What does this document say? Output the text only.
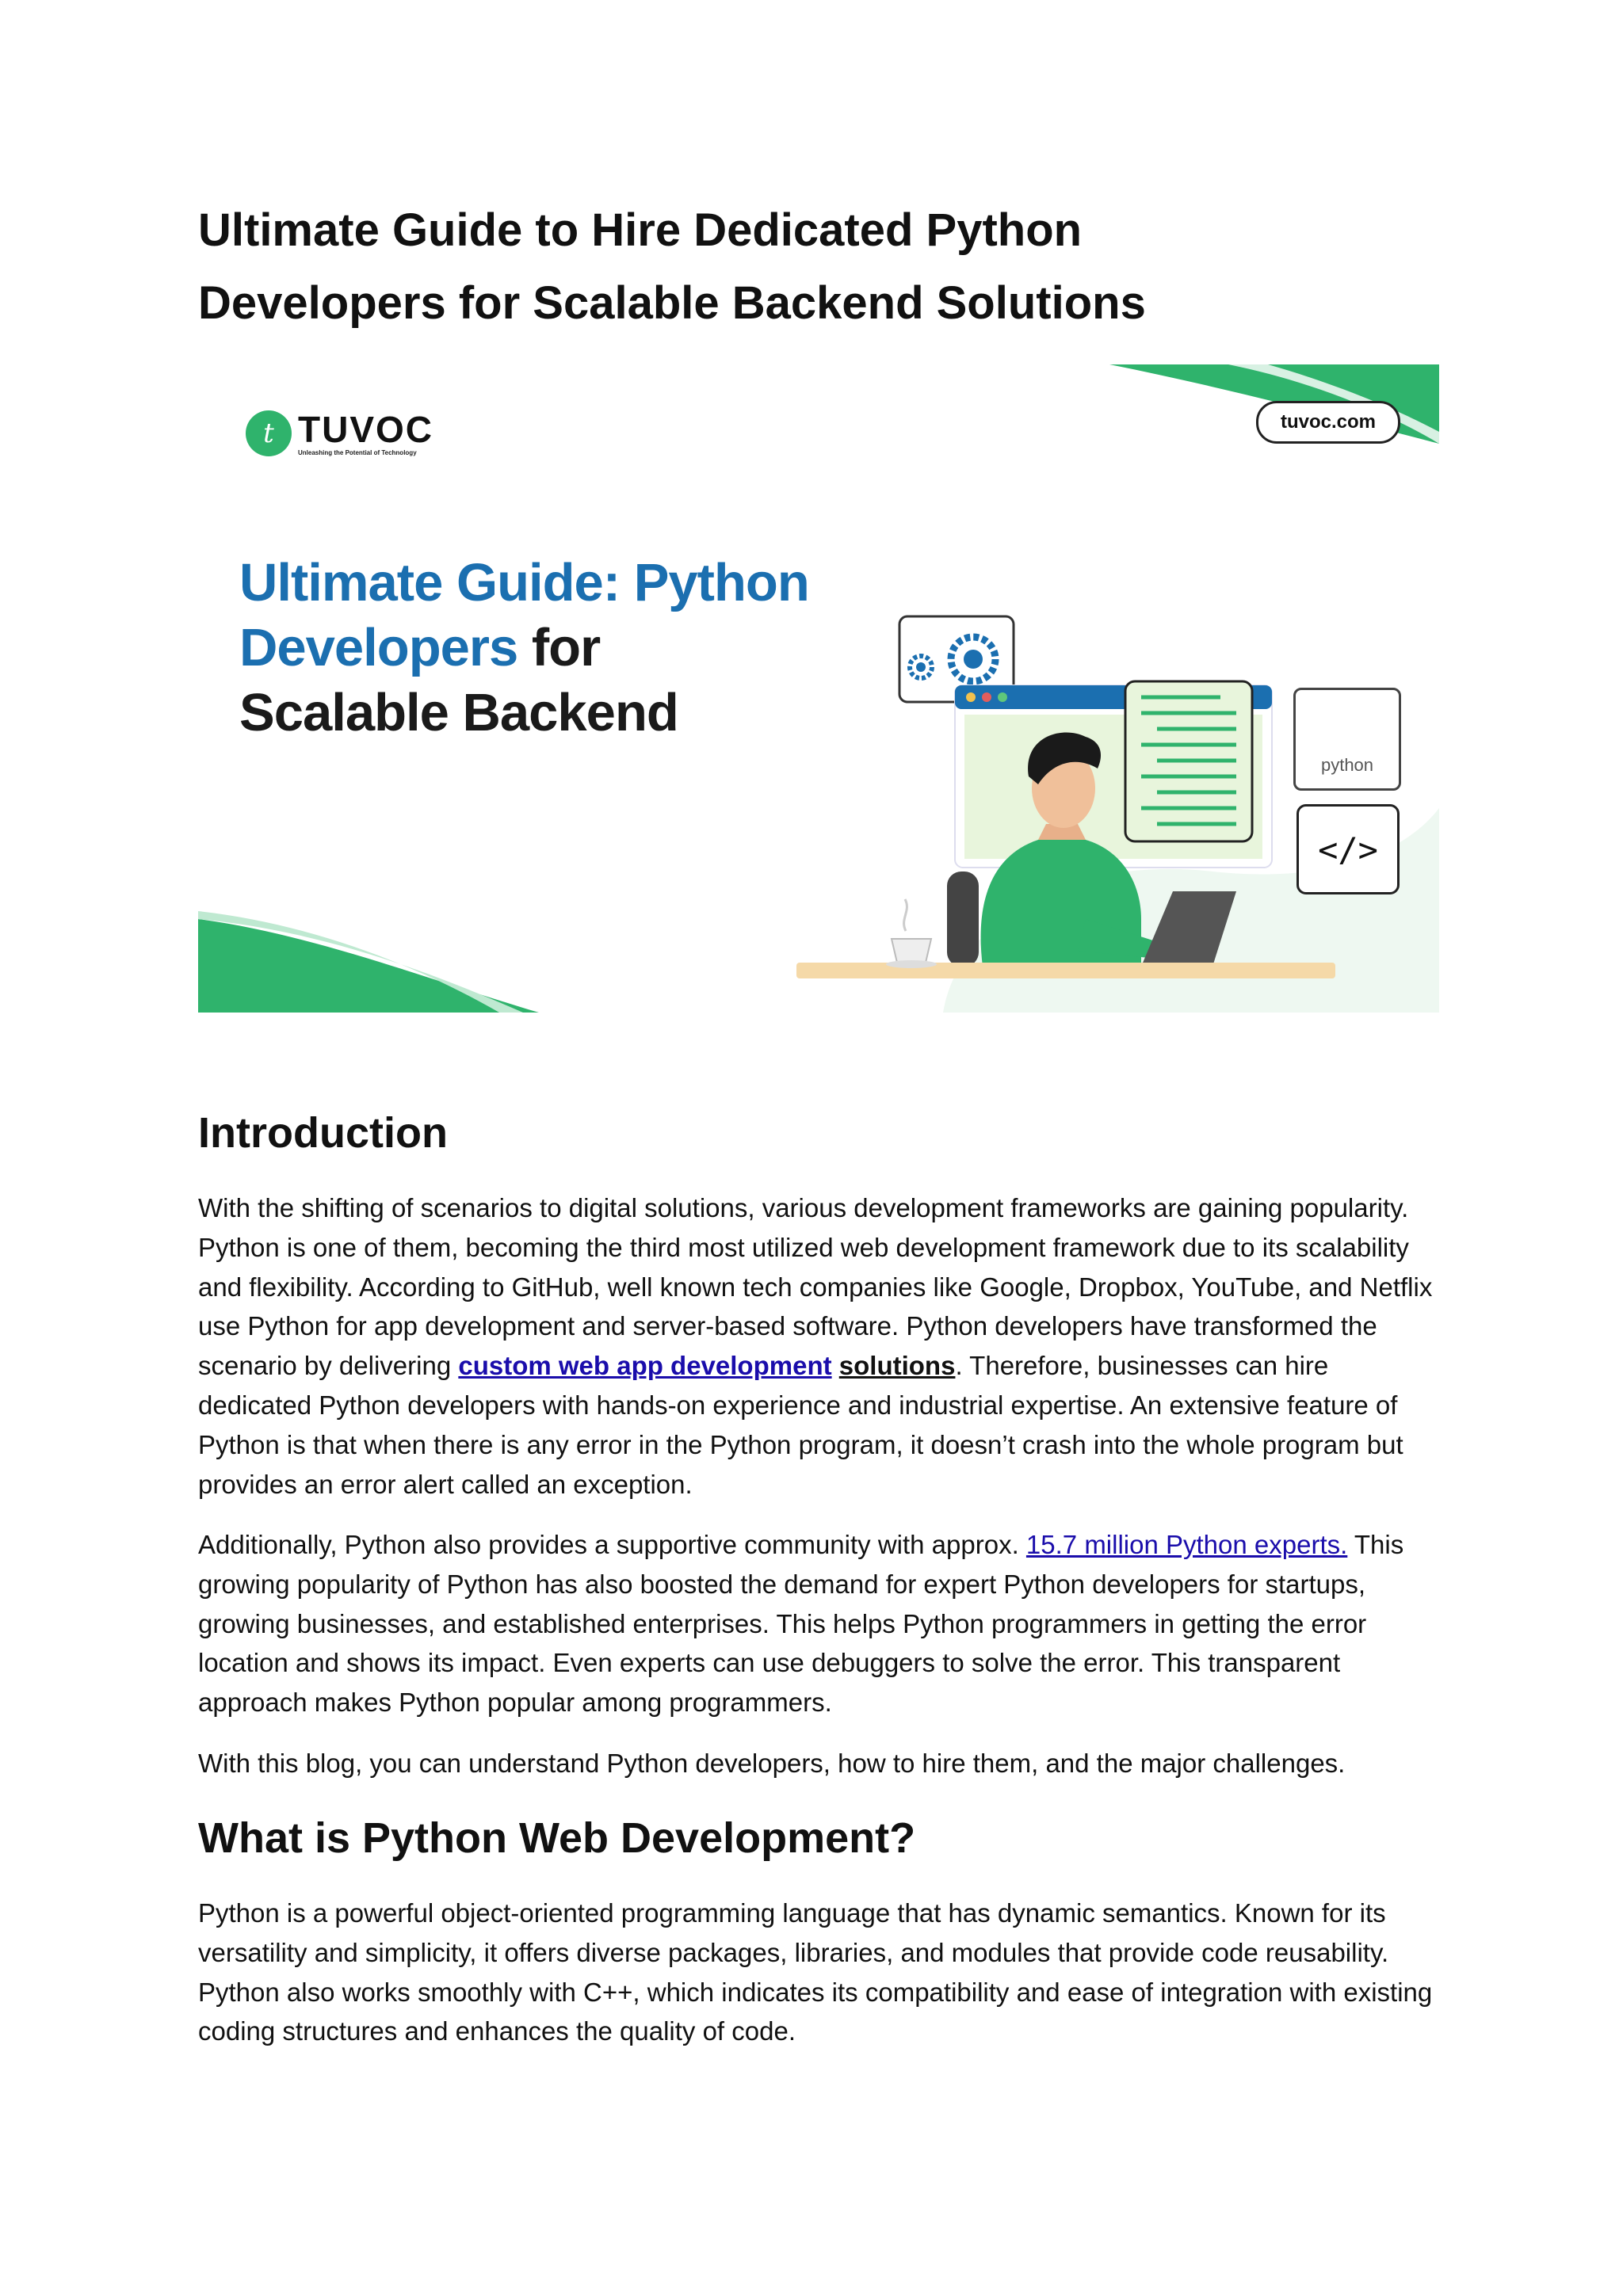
Ultimate Guide to Hire Dedicated Python Developers for Scalable Backend Solutions
t TUVOC
Unleashing the Potential of Technology
tuvoc.com
Ultimate Guide: Python
Developers for
Scalable Backend
python
</>
Introduction

With the shifting of scenarios to digital solutions, various development frameworks are gaining popularity. Python is one of them, becoming the third most utilized web development framework due to its scalability and flexibility. According to GitHub, well known tech companies like Google, Dropbox, YouTube, and Netflix use Python for app development and server-based software. Python developers have transformed the scenario by delivering custom web app development solutions. Therefore, businesses can hire dedicated Python developers with hands-on experience and industrial expertise. An extensive feature of Python is that when there is any error in the Python program, it doesn’t crash into the whole program but provides an error alert called an exception.

Additionally, Python also provides a supportive community with approx. 15.7 million Python experts. This growing popularity of Python has also boosted the demand for expert Python developers for startups, growing businesses, and established enterprises. This helps Python programmers in getting the error location and shows its impact. Even experts can use debuggers to solve the error. This transparent approach makes Python popular among programmers.

With this blog, you can understand Python developers, how to hire them, and the major challenges.

What is Python Web Development?

Python is a powerful object-oriented programming language that has dynamic semantics. Known for its versatility and simplicity, it offers diverse packages, libraries, and modules that provide code reusability. Python also works smoothly with C++, which indicates its compatibility and ease of integration with existing coding structures and enhances the quality of code.
